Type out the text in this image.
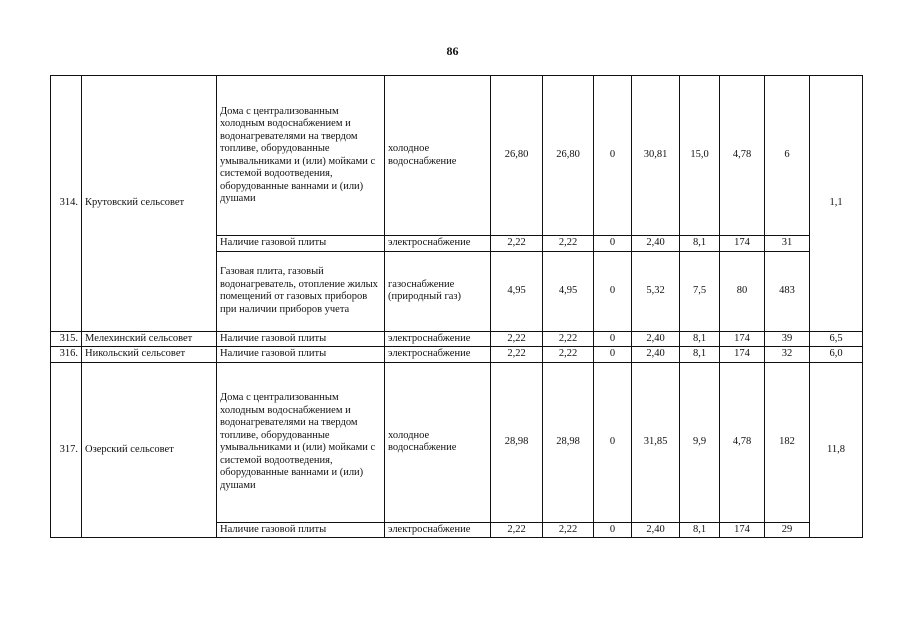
86
314.	Крутовский сельсовет	Дома с централизованным холодным водоснабжением и водонагревателями на твердом топливе, оборудованные умывальниками и (или) мойками с системой водоотведения, оборудованные ваннами и (или) душами	холодное водоснабжение	26,80	26,80	0	30,81	15,0	4,78	6	1,1
		Наличие газовой плиты	электроснабжение	2,22	2,22	0	2,40	8,1	174	31	
		Газовая плита, газовый водонагреватель, отопление жилых помещений от газовых приборов при наличии приборов учета	газоснабжение (природный газ)	4,95	4,95	0	5,32	7,5	80	483	
315.	Мелехинский сельсовет	Наличие газовой плиты	электроснабжение	2,22	2,22	0	2,40	8,1	174	39	6,5
316.	Никольский сельсовет	Наличие газовой плиты	электроснабжение	2,22	2,22	0	2,40	8,1	174	32	6,0
317.	Озерский сельсовет	Дома с централизованным холодным водоснабжением и водонагревателями на твердом топливе, оборудованные умывальниками и (или) мойками с системой водоотведения, оборудованные ваннами и (или) душами	холодное водоснабжение	28,98	28,98	0	31,85	9,9	4,78	182	11,8
		Наличие газовой плиты	электроснабжение	2,22	2,22	0	2,40	8,1	174	29	
